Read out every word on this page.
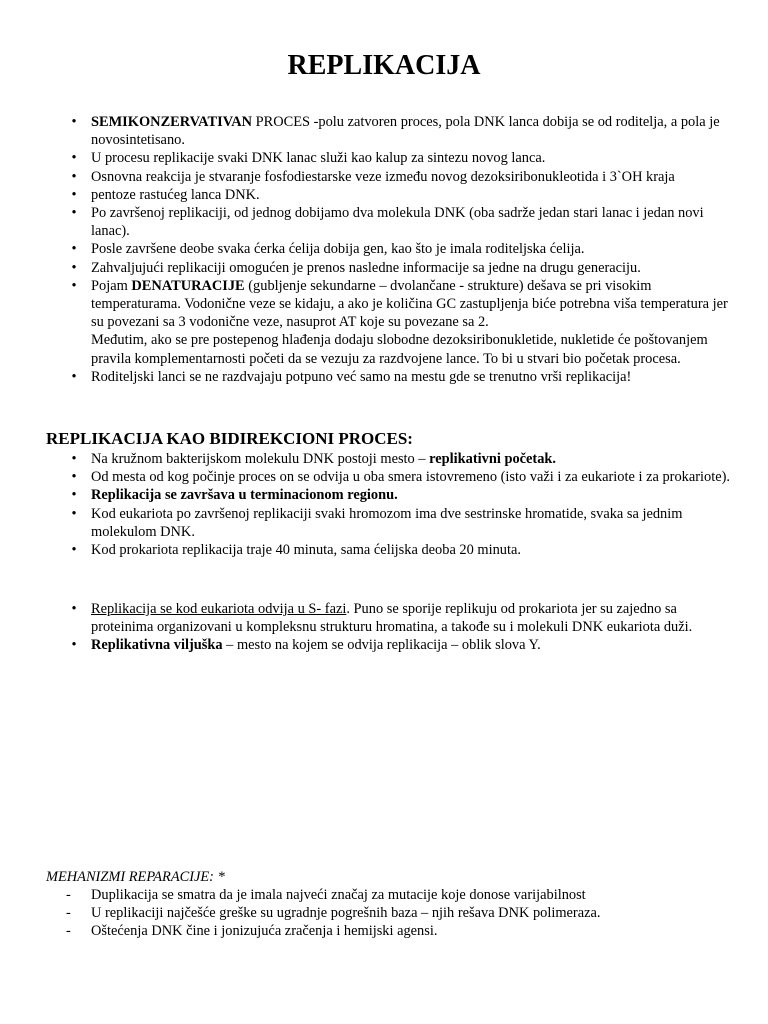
REPLIKACIJA
• SEMIKONZERVATIVAN PROCES -polu zatvoren proces, pola DNK lanca dobija se od roditelja, a pola je novosintetisano.
• U procesu replikacije svaki DNK lanac služi kao kalup za sintezu novog lanca.
• Osnovna reakcija je stvaranje fosfodiestarske veze između novog dezoksiribonukleotida i 3`OH kraja
• pentoze rastućeg lanca DNK.
• Po završenoj replikaciji, od jednog dobijamo dva molekula DNK (oba sadrže jedan stari lanac i jedan novi lanac).
• Posle završene deobe svaka ćerka ćelija dobija gen, kao što je imala roditeljska ćelija.
• Zahvaljujući replikaciji omogućen je prenos nasledne informacije sa jedne na drugu generaciju.
• Pojam DENATURACIJE (gubljenje sekundarne – dvolančane - strukture) dešava se pri visokim temperaturama. Vodonične veze se kidaju, a ako je količina GC zastupljenja biće potrebna viša temperatura jer su povezani sa 3 vodonične veze, nasuprot AT koje su povezane sa 2.
Međutim, ako se pre postepenog hlađenja dodaju slobodne dezoksiribonukletide, nukletide će poštovanjem pravila komplementarnosti početi da se vezuju za razdvojene lance. To bi u stvari bio početak procesa.
• Roditeljski lanci se ne razdvajaju potpuno već samo na mestu gde se trenutno vrši replikacija!
REPLIKACIJA KAO BIDIREKCIONI PROCES:
• Na kružnom bakterijskom molekulu DNK postoji mesto – replikativni početak.
• Od mesta od kog počinje proces on se odvija u oba smera istovremeno (isto važi i za eukariote i za prokariote).
• Replikacija se završava u terminacionom regionu.
• Kod eukariota po završenoj replikaciji svaki hromozom ima dve sestrinske hromatide, svaka sa jednim molekulom DNK.
• Kod prokariota replikacija traje 40 minuta, sama ćelijska deoba 20 minuta.
• Replikacija se kod eukariota odvija u S- fazi. Puno se sporije replikuju od prokariota jer su zajedno sa proteinima organizovani u kompleksnu strukturu hromatina, a takođe su i molekuli DNK eukariota duži.
• Replikativna viljuška – mesto na kojem se odvija replikacija – oblik slova Y.
MEHANIZMI REPARACIJE: *
- Duplikacija se smatra da je imala najveći značaj za mutacije koje donose varijabilnost
- U replikaciji najčešće greške su ugradnje pogrešnih baza – njih rešava DNK polimeraza.
- Oštećenja DNK čine i jonizujuća zračenja i hemijski agensi.
